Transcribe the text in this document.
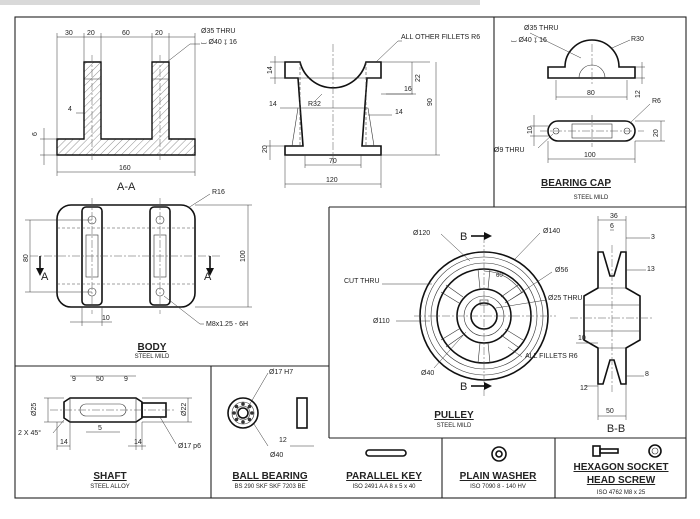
30 20	60	20	Ø35 THRU
⌴ Ø40 ↧ 16
4
6
160
A-A
70
120
14
22
16
90
R32
14
14
20
ALL OTHER FILLETS R6
A	A
R16
80	100
10
M8x1.25 - 6H
BODY
STEEL MILD
Ø35 THRU
⌴ Ø40 ↧ 16	R30
80	12
R6
10	20
Ø9 THRU
100
BEARING CAP
STEEL MILD
60°
B
B
Ø120	Ø140
CUT THRU
Ø56
Ø25 THRU
Ø110
Ø40
ALL FILLETS R6
PULLEY
STEEL MILD
36
6
3
13
10
8
12
50
B-B
9	50	9
Ø25	Ø22
5
2 X 45°
14	14
Ø17 p6
SHAFT
STEEL ALLOY
Ø17 H7
Ø40
12
BALL BEARING
BS 290 SKF SKF 7203 BE
PARALLEL KEY
ISO 2491 A A 8 x 5 x 40
PLAIN WASHER
ISO 7090 8 - 140 HV
HEXAGON SOCKET
HEAD SCREW
ISO 4762 M8 x 25
